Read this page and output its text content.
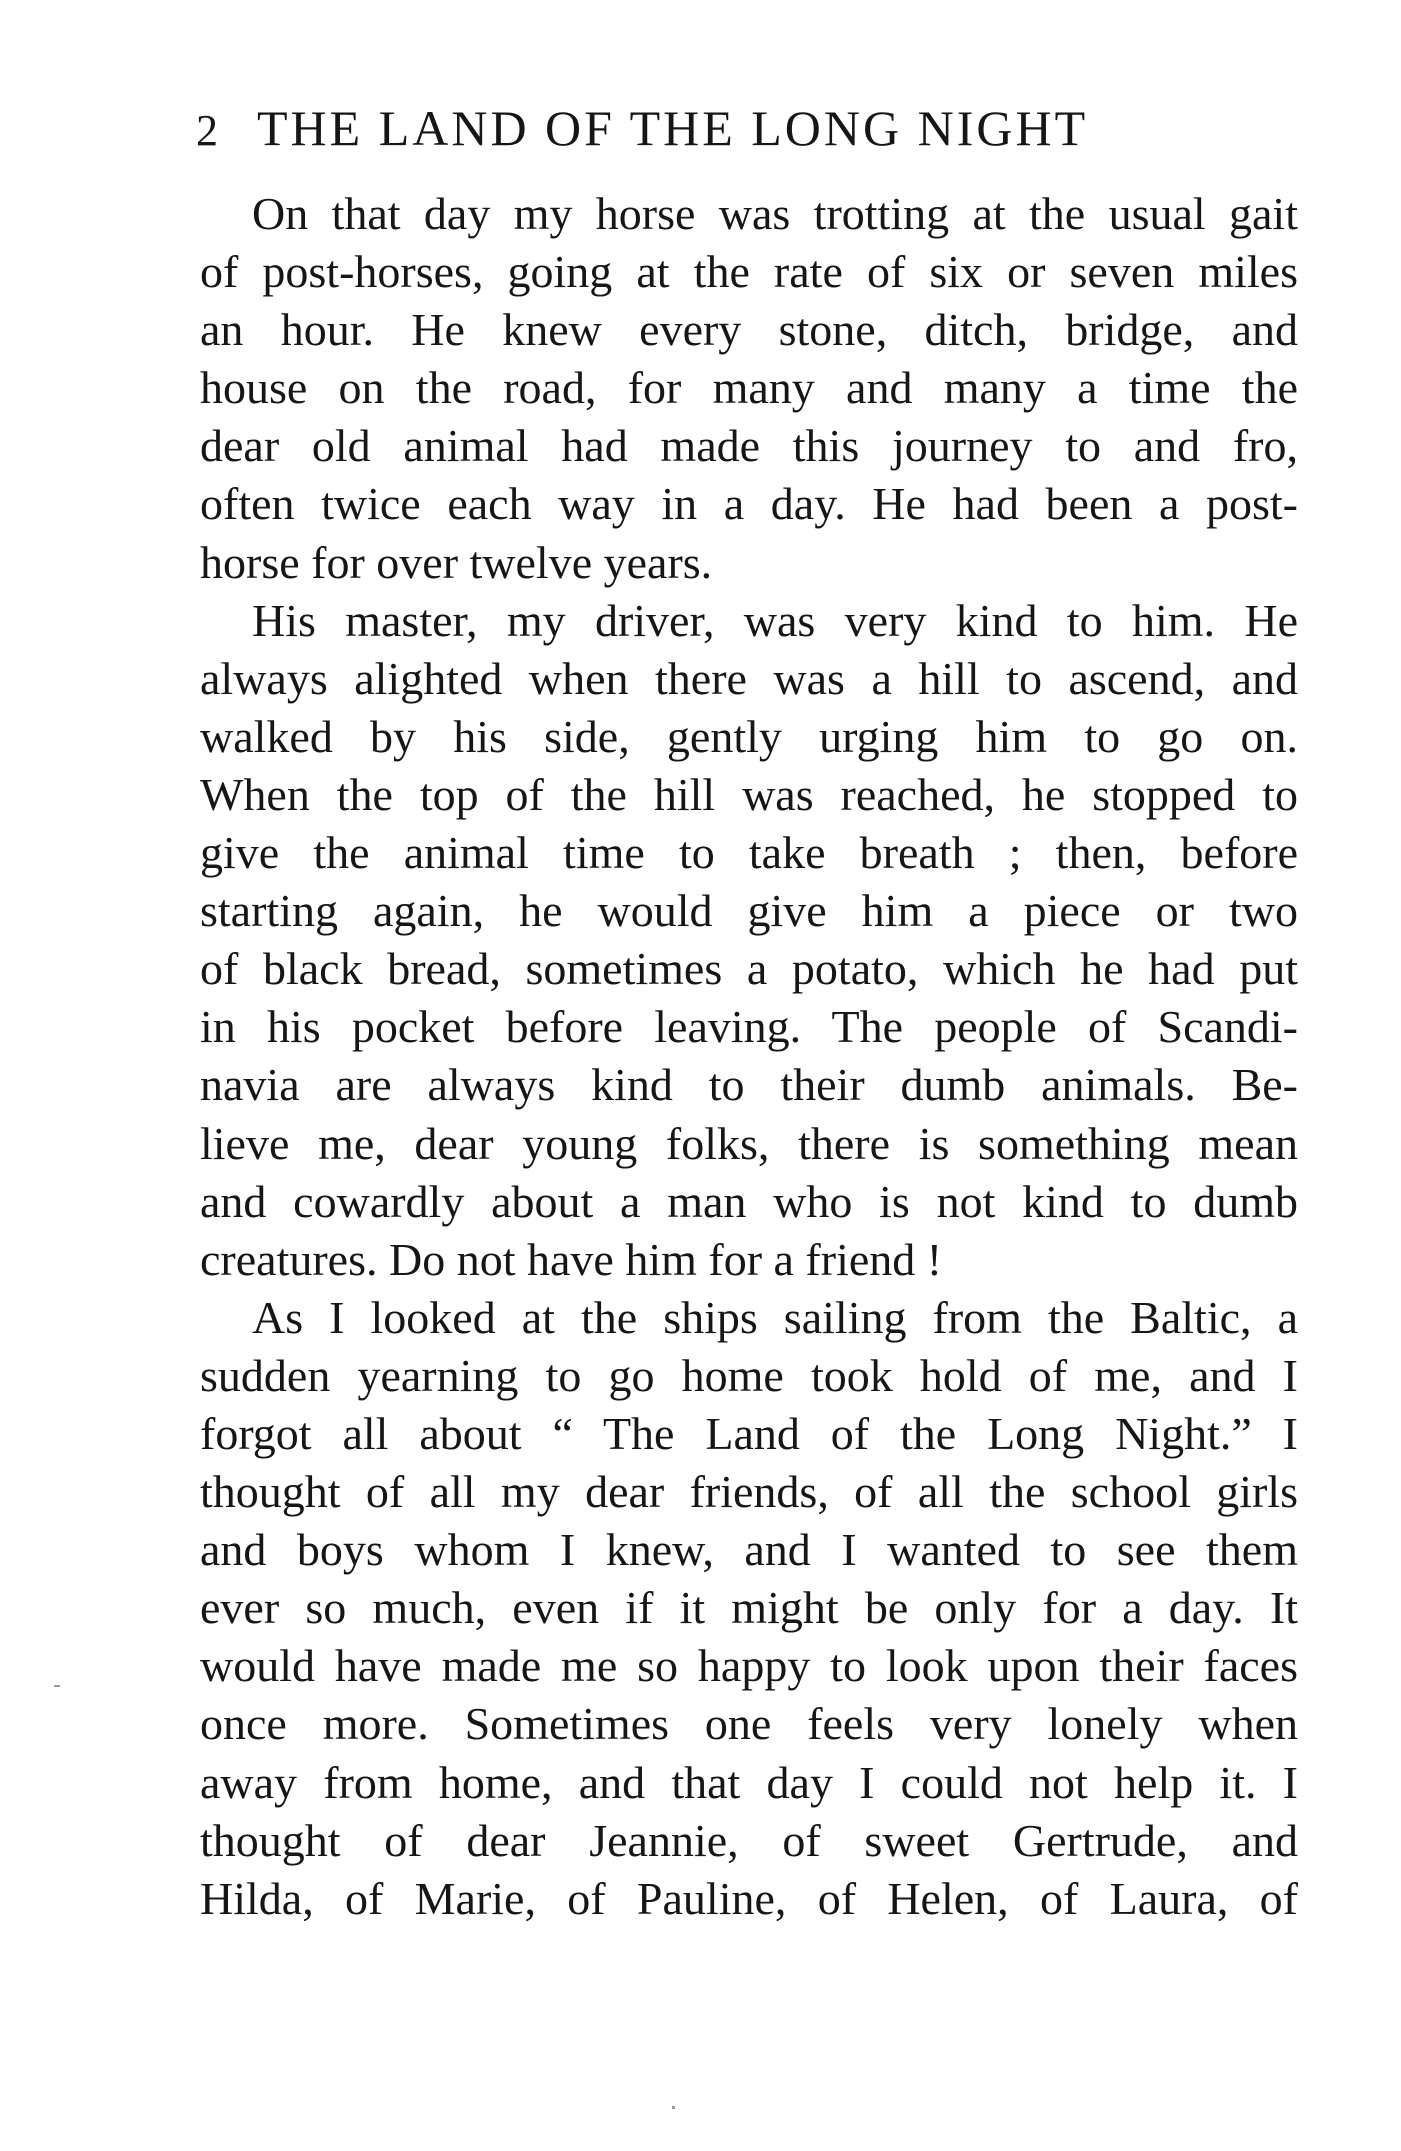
2 THE LAND OF THE LONG NIGHT
On that day my horse was trotting at the usual gait
of post-horses, going at the rate of six or seven miles
an hour. He knew every stone, ditch, bridge, and
house on the road, for many and many a time the
dear old animal had made this journey to and fro,
often twice each way in a day. He had been a post-
horse for over twelve years.
His master, my driver, was very kind to him. He
always alighted when there was a hill to ascend, and
walked by his side, gently urging him to go on.
When the top of the hill was reached, he stopped to
give the animal time to take breath ; then, before
starting again, he would give him a piece or two
of black bread, sometimes a potato, which he had put
in his pocket before leaving. The people of Scandi-
navia are always kind to their dumb animals. Be-
lieve me, dear young folks, there is something mean
and cowardly about a man who is not kind to dumb
creatures. Do not have him for a friend !
As I looked at the ships sailing from the Baltic, a
sudden yearning to go home took hold of me, and I
forgot all about “ The Land of the Long Night.” I
thought of all my dear friends, of all the school girls
and boys whom I knew, and I wanted to see them
ever so much, even if it might be only for a day. It
would have made me so happy to look upon their faces
once more. Sometimes one feels very lonely when
away from home, and that day I could not help it. I
thought of dear Jeannie, of sweet Gertrude, and
Hilda, of Marie, of Pauline, of Helen, of Laura, of
